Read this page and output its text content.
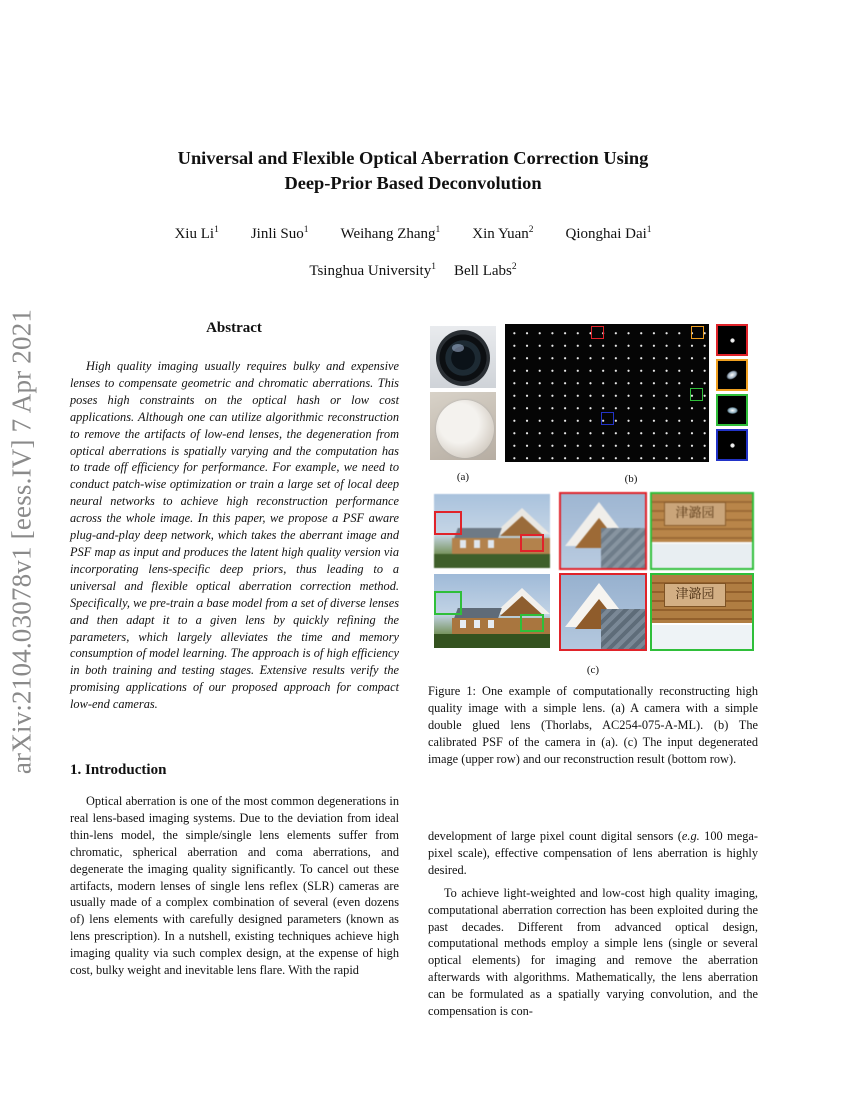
arXiv:2104.03078v1 [eess.IV] 7 Apr 2021
Universal and Flexible Optical Aberration Correction Using
Deep-Prior Based Deconvolution
Xiu Li$^1$ Jinli Suo$^1$ Weihang Zhang$^1$ Xin Yuan$^2$ Qionghai Dai$^1$
Tsinghua University$^1$ Bell Labs$^2$
Abstract
High quality imaging usually requires bulky and expensive lenses to compensate geometric and chromatic aberrations. This poses high constraints on the optical hash or low cost applications. Although one can utilize algorithmic reconstruction to remove the artifacts of low-end lenses, the degeneration from optical aberrations is spatially varying and the computation has to trade off efficiency for performance. For example, we need to conduct patch-wise optimization or train a large set of local deep neural networks to achieve high reconstruction performance across the whole image. In this paper, we propose a PSF aware plug-and-play deep network, which takes the aberrant image and PSF map as input and produces the latent high quality version via incorporating lens-specific deep priors, thus leading to a universal and flexible optical aberration correction method. Specifically, we pre-train a base model from a set of diverse lenses and then adapt it to a given lens by quickly refining the parameters, which largely alleviates the time and memory consumption of model learning. The approach is of high efficiency in both training and testing stages. Extensive results verify the promising applications of our proposed approach for compact low-end cameras.
1. Introduction
Optical aberration is one of the most common degenerations in real lens-based imaging systems. Due to the deviation from ideal thin-lens model, the simple/single lens elements suffer from chromatic, spherical aberration and coma aberrations, and degenerate the imaging quality significantly. To cancel out these artifacts, modern lenses of single lens reflex (SLR) cameras are usually made of a complex combination of several (even dozens of) lens elements with carefully designed parameters (known as lens prescription). In a nutshell, existing techniques achieve high imaging quality via such complex design, at the expense of high cost, bulky weight and inevitable lens flare. With the rapid
(a)	(b)
津潞园
津潞园
(c)
Figure 1: One example of computationally reconstructing high quality image with a simple lens. (a) A camera with a simple double glued lens (Thorlabs, AC254-075-A-ML). (b) The calibrated PSF of the camera in (a). (c) The input degenerated image (upper row) and our reconstruction result (bottom row).

development of large pixel count digital sensors (e.g. 100 mega-pixel scale), effective compensation of lens aberration is highly desired.

To achieve light-weighted and low-cost high quality imaging, computational aberration correction has been exploited during the past decades. Different from advanced optical design, computational methods employ a simple lens (single or several optical elements) for imaging and remove the aberration afterwards with algorithms. Mathematically, the lens aberration can be formulated as a spatially varying convolution, and the compensation is con-
